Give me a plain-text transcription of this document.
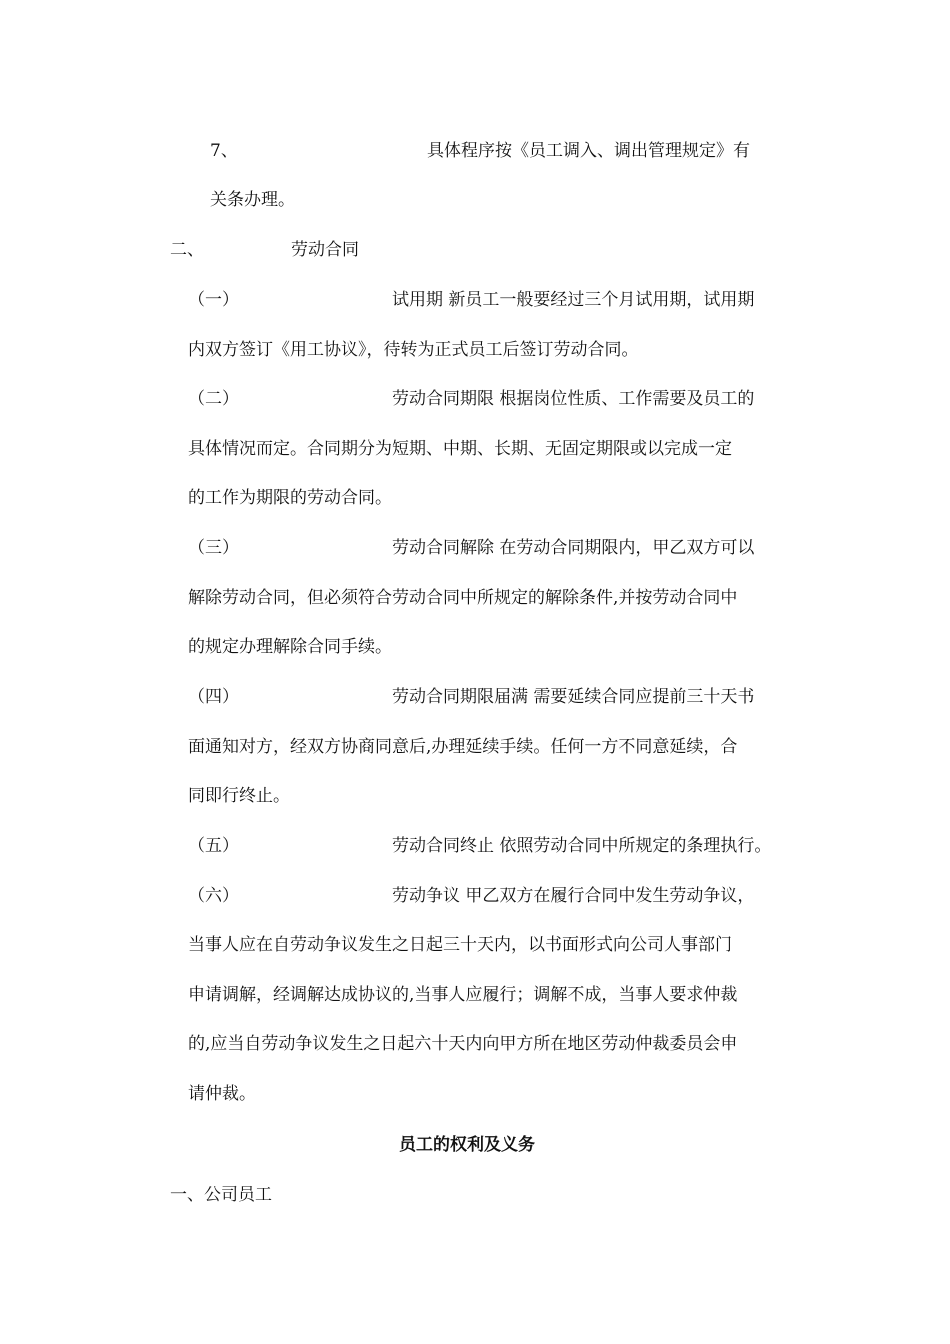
7、	具体程序按《员工调入、调出管理规定》有
关条办理。
二、	劳动合同
（一）	试用期 新员工一般要经过三个月试用期，试用期
内双方签订《用工协议》，待转为正式员工后签订劳动合同。
（二）	劳动合同期限 根据岗位性质、工作需要及员工的
具体情况而定。合同期分为短期、中期、长期、无固定期限或以完成一定
的工作为期限的劳动合同。
（三）	劳动合同解除 在劳动合同期限内，甲乙双方可以
解除劳动合同，但必须符合劳动合同中所规定的解除条件,并按劳动合同中
的规定办理解除合同手续。
（四）	劳动合同期限届满 需要延续合同应提前三十天书
面通知对方，经双方协商同意后,办理延续手续。任何一方不同意延续，合
同即行终止。
（五）	劳动合同终止 依照劳动合同中所规定的条理执行。
（六）	劳动争议 甲乙双方在履行合同中发生劳动争议，
当事人应在自劳动争议发生之日起三十天内，以书面形式向公司人事部门
申请调解，经调解达成协议的,当事人应履行；调解不成，当事人要求仲裁
的,应当自劳动争议发生之日起六十天内向甲方所在地区劳动仲裁委员会申
请仲裁。
员工的权利及义务
一、公司员工
